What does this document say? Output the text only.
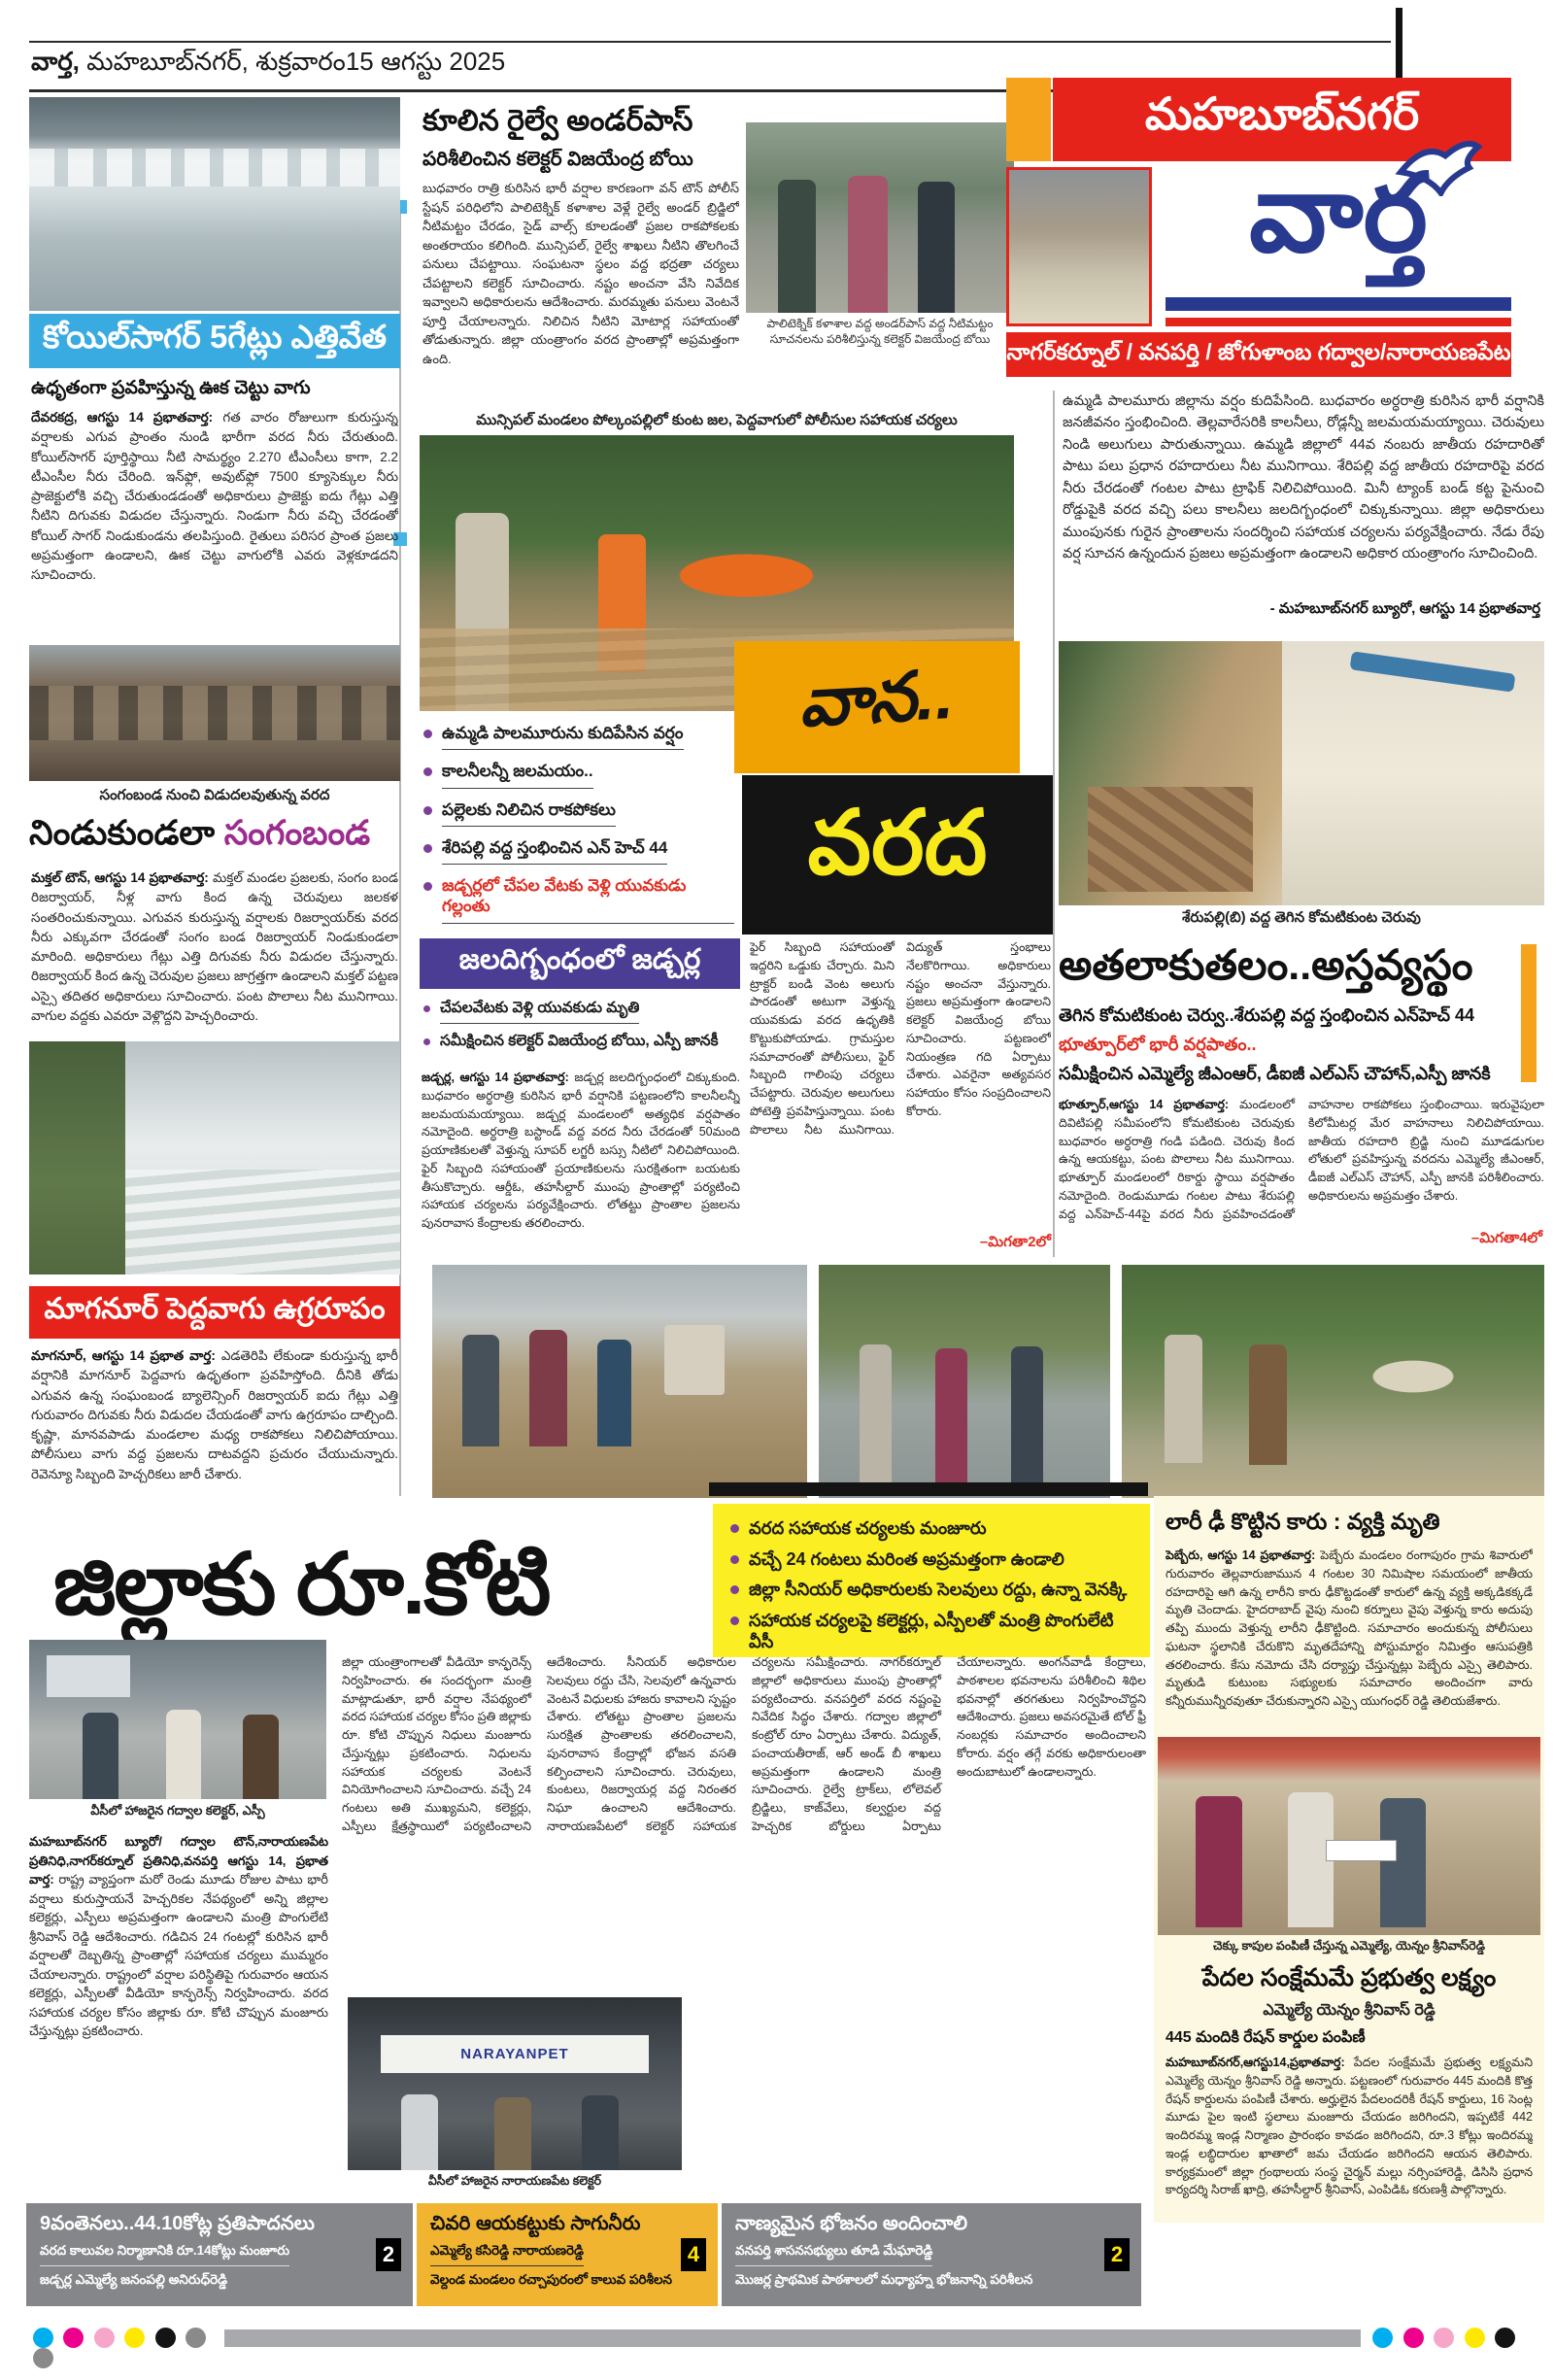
వార్త, మహబూబ్‌నగర్, శుక్రవారం15 ఆగస్టు 2025
కోయిల్‌సాగర్ 5గేట్లు ఎత్తివేత
ఉధృతంగా ప్రవహిస్తున్న ఊక చెట్టు వాగు
దేవరకద్ర, ఆగస్టు 14 ప్రభాతవార్త: గత వారం రోజులుగా కురుస్తున్న వర్షాలకు ఎగువ ప్రాంతం నుండి భారీగా వరద నీరు చేరుతుంది. కోయిల్‌సాగర్ పూర్తిస్థాయి నీటి సామర్థ్యం 2.270 టీఎంసీలు కాగా, 2.2 టీఎంసీల నీరు చేరింది. ఇన్‌ఫ్లో, అవుట్‌ఫ్లో 7500 క్యూసెక్కుల నీరు ప్రాజెక్టులోకి వచ్చి చేరుతుండడంతో అధికారులు ప్రాజెక్టు ఐదు గేట్లు ఎత్తి నీటిని దిగువకు విడుదల చేస్తున్నారు. నిండుగా నీరు వచ్చి చేరడంతో కోయిల్ సాగర్ నిండుకుండను తలపిస్తుంది. రైతులు పరిసర ప్రాంత ప్రజలు అప్రమత్తంగా ఉండాలని, ఊక చెట్టు వాగులోకి ఎవరు వెళ్లకూడదని సూచించారు.
సంగంబండ నుంచి విడుదలవుతున్న వరద
నిండుకుండలా సంగంబండ
మక్తల్ టౌన్, ఆగస్టు 14 ప్రభాతవార్త: మక్తల్ మండల ప్రజలకు, సంగం బండ రిజర్వాయర్, నీళ్ల వాగు కింద ఉన్న చెరువులు జలకళ సంతరించుకున్నాయి. ఎగువన కురుస్తున్న వర్షాలకు రిజర్వాయర్‌కు వరద నీరు ఎక్కువగా చేరడంతో సంగం బండ రిజర్వాయర్ నిండుకుండలా మారింది. అధికారులు గేట్లు ఎత్తి దిగువకు నీరు విడుదల చేస్తున్నారు. రిజర్వాయర్ కింద ఉన్న చెరువుల ప్రజలు జాగ్రత్తగా ఉండాలని మక్తల్ పట్టణ ఎస్సై తదితర అధికారులు సూచించారు. పంట పొలాలు నీట మునిగాయి. వాగుల వద్దకు ఎవరూ వెళ్లొద్దని హెచ్చరించారు.
మాగనూర్ పెద్దవాగు ఉగ్రరూపం
మాగనూర్, ఆగస్టు 14 ప్రభాత వార్త: ఎడతెరిపి లేకుండా కురుస్తున్న భారీ వర్షానికి మాగనూర్ పెద్దవాగు ఉధృతంగా ప్రవహిస్తోంది. దీనికి తోడు ఎగువన ఉన్న సంఘంబండ బ్యాలెన్సింగ్ రిజర్వాయర్ ఐదు గేట్లు ఎత్తి గురువారం దిగువకు నీరు విడుదల చేయడంతో వాగు ఉగ్రరూపం దాల్చింది. కృష్ణా, మానవపాడు మండలాల మధ్య రాకపోకలు నిలిచిపోయాయి. పోలీసులు వాగు వద్ద ప్రజలను దాటవద్దని ప్రచురం చేయుచున్నారు. రెవెన్యూ సిబ్బంది హెచ్చరికలు జారీ చేశారు.
కూలిన రైల్వే అండర్‌పాస్
పరిశీలించిన కలెక్టర్ విజయేంద్ర బోయి
బుధవారం రాత్రి కురిసిన భారీ వర్షాల కారణంగా వన్ టౌన్ పోలీస్ స్టేషన్ పరిధిలోని పాలిటెక్నిక్ కళాశాల వెళ్లే రైల్వే అండర్ బ్రిడ్జిలో నీటిమట్టం చేరడం, సైడ్ వాల్స్ కూలడంతో ప్రజల రాకపోకలకు అంతరాయం కలిగింది. మున్సిపల్, రైల్వే శాఖలు నీటిని తొలగించే పనులు చేపట్టాయి. సంఘటనా స్థలం వద్ద భద్రతా చర్యలు చేపట్టాలని కలెక్టర్ సూచించారు. నష్టం అంచనా వేసి నివేదిక ఇవ్వాలని అధికారులను ఆదేశించారు. మరమ్మతు పనులు వెంటనే పూర్తి చేయాలన్నారు. నిలిచిన నీటిని మోటార్ల సహాయంతో తోడుతున్నారు. జిల్లా యంత్రాంగం వరద ప్రాంతాల్లో అప్రమత్తంగా ఉంది.
పాలిటెక్నిక్ కళాశాల వద్ద అండర్‌పాస్ వద్ద నీటిమట్టం సూచనలను పరిశీలిస్తున్న కలెక్టర్ విజయేంద్ర బోయి
మున్సిపల్ మండలం పోల్కంపల్లిలో కుంట జల, పెద్దవాగులో పోలీసుల సహాయక చర్యలు
ఉమ్మడి పాలమూరును కుదిపేసిన వర్షం
కాలనీలన్నీ జలమయం..
పల్లెలకు నిలిచిన రాకపోకలు
శేరిపల్లి వద్ద స్తంభించిన ఎన్ హెచ్ 44
జడ్చర్లలో చేపల వేటకు వెళ్లి యువకుడు గల్లంతు
వాన..
వరద
జలదిగ్బంధంలో జడ్చర్ల
చేపలవేటకు వెళ్లి యువకుడు మృతి
సమీక్షించిన కలెక్టర్ విజయేంద్ర బోయి, ఎస్పీ జానకీ
జడ్చర్ల, ఆగస్టు 14 ప్రభాతవార్త: జడ్చర్ల జలదిగ్బంధంలో చిక్కుకుంది. బుధవారం అర్ధరాత్రి కురిసిన భారీ వర్షానికి పట్టణంలోని కాలనీలన్నీ జలమయమయ్యాయి. జడ్చర్ల మండలంలో అత్యధిక వర్షపాతం నమోదైంది. అర్ధరాత్రి బస్టాండ్ వద్ద వరద నీరు చేరడంతో 50మంది ప్రయాణికులతో వెళ్తున్న సూపర్ లగ్జరీ బస్సు నీటిలో నిలిచిపోయింది. ఫైర్ సిబ్బంది సహాయంతో ప్రయాణికులను సురక్షితంగా బయటకు తీసుకొచ్చారు. ఆర్డీఓ, తహసీల్దార్ ముంపు ప్రాంతాల్లో పర్యటించి సహాయక చర్యలను పర్యవేక్షించారు. లోతట్టు ప్రాంతాల ప్రజలను పునరావాస కేంద్రాలకు తరలించారు.
ఫైర్ సిబ్బంది సహాయంతో ఇద్దరిని ఒడ్డుకు చేర్చారు. మిని ట్రాక్టర్ బండి వెంట అలుగు పారడంతో అటుగా వెళ్తున్న యువకుడు వరద ఉధృతికి కొట్టుకుపోయాడు. గ్రామస్తుల సమాచారంతో పోలీసులు, ఫైర్ సిబ్బంది గాలింపు చర్యలు చేపట్టారు. చెరువుల అలుగులు పోటెత్తి ప్రవహిస్తున్నాయి. పంట పొలాలు నీట మునిగాయి. విద్యుత్ స్తంభాలు నేలకొరిగాయి. అధికారులు నష్టం అంచనా వేస్తున్నారు. ప్రజలు అప్రమత్తంగా ఉండాలని కలెక్టర్ విజయేంద్ర బోయి సూచించారు. పట్టణంలో నియంత్రణ గది ఏర్పాటు చేశారు. ఎవరైనా అత్యవసర సహాయం కోసం సంప్రదించాలని కోరారు.
–మిగతా2లో
మహబూబ్‌నగర్
వార్త
నాగర్‌కర్నూల్ / వనపర్తి / జోగుళాంబ గద్వాల/నారాయణపేట
ఉమ్మడి పాలమూరు జిల్లాను వర్షం కుదిపేసింది. బుధవారం అర్ధరాత్రి కురిసిన భారీ వర్షానికి జనజీవనం స్తంభించింది. తెల్లవారేసరికి కాలనీలు, రోడ్లన్నీ జలమయమయ్యాయి. చెరువులు నిండి అలుగులు పారుతున్నాయి. ఉమ్మడి జిల్లాలో 44వ నంబరు జాతీయ రహదారితో పాటు పలు ప్రధాన రహదారులు నీట మునిగాయి. శేరిపల్లి వద్ద జాతీయ రహదారిపై వరద నీరు చేరడంతో గంటల పాటు ట్రాఫిక్ నిలిచిపోయింది. మినీ ట్యాంక్ బండ్ కట్ట పైనుంచి రోడ్డుపైకి వరద వచ్చి పలు కాలనీలు జలదిగ్బంధంలో చిక్కుకున్నాయి. జిల్లా అధికారులు ముంపునకు గురైన ప్రాంతాలను సందర్శించి సహాయక చర్యలను పర్యవేక్షించారు. నేడు రేపు వర్ష సూచన ఉన్నందున ప్రజలు అప్రమత్తంగా ఉండాలని అధికార యంత్రాంగం సూచించింది.
- మహబూబ్‌నగర్ బ్యూరో, ఆగస్టు 14 ప్రభాతవార్త
శేరుపల్లి(బి) వద్ద తెగిన కోమటికుంట చెరువు
అతలాకుతలం..అస్తవ్యస్థం
తెగిన కోమటికుంట చెర్వు..శేరుపల్లి వద్ద స్తంభించిన ఎన్‌హెచ్ 44
భూత్పూర్‌లో భారీ వర్షపాతం..
సమీక్షించిన ఎమ్మెల్యే జీఎంఆర్, డీఐజీ ఎల్‌ఎస్ చౌహాన్,ఎస్పీ జానకి
భూత్పూర్,ఆగస్టు 14 ప్రభాతవార్త: మండలంలో దివిటిపల్లి సమీపంలోని కోమటికుంట చెరువుకు బుధవారం అర్ధరాత్రి గండి పడింది. చెరువు కింద ఉన్న ఆయకట్టు, పంట పొలాలు నీట మునిగాయి. భూత్పూర్ మండలంలో రికార్డు స్థాయి వర్షపాతం నమోదైంది. రెండుమూడు గంటల పాటు శేరుపల్లి వద్ద ఎన్‌హెచ్-44పై వరద నీరు ప్రవహించడంతో వాహనాల రాకపోకలు స్తంభించాయి. ఇరువైపులా కిలోమీటర్ల మేర వాహనాలు నిలిచిపోయాయి. జాతీయ రహదారి బ్రిడ్జి నుంచి మూడడుగుల లోతులో ప్రవహిస్తున్న వరదను ఎమ్మెల్యే జీఎంఆర్, డీఐజీ ఎల్‌ఎస్ చౌహాన్, ఎస్పీ జానకి పరిశీలించారు. అధికారులను అప్రమత్తం చేశారు.
–మిగతా4లో
జిల్లాకు రూ.కోటి
వరద సహాయక చర్యలకు మంజూరు
వచ్చే 24 గంటలు మరింత అప్రమత్తంగా ఉండాలి
జిల్లా సీనియర్ అధికారులకు సెలవులు రద్దు, ఉన్నా వెనక్కి
సహాయక చర్యలపై కలెక్టర్లు, ఎస్పీలతో మంత్రి పొంగులేటి వీసీ
లారీ ఢీ కొట్టిన కారు : వ్యక్తి మృతి
పెబ్బేరు, ఆగస్టు 14 ప్రభాతవార్త: పెబ్బేరు మండలం రంగాపురం గ్రామ శివారులో గురువారం తెల్లవారుజామున 4 గంటల 30 నిమిషాల సమయంలో జాతీయ రహదారిపై ఆగి ఉన్న లారీని కారు ఢీకొట్టడంతో కారులో ఉన్న వ్యక్తి అక్కడికక్కడే మృతి చెందాడు. హైదరాబాద్ వైపు నుంచి కర్నూలు వైపు వెళ్తున్న కారు అదుపు తప్పి ముందు వెళ్తున్న లారీని ఢీకొట్టింది. సమాచారం అందుకున్న పోలీసులు ఘటనా స్థలానికి చేరుకొని మృతదేహాన్ని పోస్టుమార్టం నిమిత్తం ఆసుపత్రికి తరలించారు. కేసు నమోదు చేసి దర్యాప్తు చేస్తున్నట్లు పెబ్బేరు ఎస్సై తెలిపారు. మృతుడి కుటుంబ సభ్యులకు సమాచారం అందించగా వారు కన్నీరుమున్నీరవుతూ చేరుకున్నారని ఎస్సై యుగంధర్ రెడ్డి తెలియజేశారు.
చెక్కు కాపుల పంపిణీ చేస్తున్న ఎమ్మెల్యే, యెన్నం శ్రీనివాస్‌రెడ్డి
పేదల సంక్షేమమే ప్రభుత్వ లక్ష్యం
ఎమ్మెల్యే యెన్నం శ్రీనివాస్ రెడ్డి
445 మందికి రేషన్ కార్డుల పంపిణీ
మహబూబ్‌నగర్,ఆగస్టు14,ప్రభాతవార్త: పేదల సంక్షేమమే ప్రభుత్వ లక్ష్యమని ఎమ్మెల్యే యెన్నం శ్రీనివాస్ రెడ్డి అన్నారు. పట్టణంలో గురువారం 445 మందికి కొత్త రేషన్ కార్డులను పంపిణీ చేశారు. అర్హులైన పేదలందరికీ రేషన్ కార్డులు, 16 సెంట్ల మూడు పైల ఇంటి స్థలాలు మంజూరు చేయడం జరిగిందని, ఇప్పటికే 442 ఇందిరమ్మ ఇండ్ల నిర్మాణం ప్రారంభం కావడం జరిగిందని, రూ.3 కోట్లు ఇందిరమ్మ ఇండ్ల లబ్ధిదారుల ఖాతాలో జమ చేయడం జరిగిందని ఆయన తెలిపారు. కార్యక్రమంలో జిల్లా గ్రంథాలయ సంస్థ చైర్మన్ మల్లు నర్సింహారెడ్డి, డిసిసి ప్రధాన కార్యదర్శి సిరాజ్ ఖాద్రి, తహసీల్దార్ శ్రీనివాస్, ఎంపిడిఓ కరుణశ్రీ పాల్గొన్నారు.
వీసీలో హాజరైన గద్వాల కలెక్టర్, ఎస్పీ
మహబూబ్‌నగర్ బ్యూరో/ గద్వాల టౌన్,నారాయణపేట ప్రతినిధి,నాగర్‌కర్నూల్ ప్రతినిధి,వనపర్తి ఆగస్టు 14, ప్రభాత వార్త: రాష్ట్ర వ్యాప్తంగా మరో రెండు మూడు రోజుల పాటు భారీ వర్షాలు కురుస్తాయనే హెచ్చరికల నేపథ్యంలో అన్ని జిల్లాల కలెక్టర్లు, ఎస్పీలు అప్రమత్తంగా ఉండాలని మంత్రి పొంగులేటి శ్రీనివాస్ రెడ్డి ఆదేశించారు. గడిచిన 24 గంటల్లో కురిసిన భారీ వర్షాలతో దెబ్బతిన్న ప్రాంతాల్లో సహాయక చర్యలు ముమ్మరం చేయాలన్నారు. రాష్ట్రంలో వర్షాల పరిస్థితిపై గురువారం ఆయన కలెక్టర్లు, ఎస్పీలతో వీడియో కాన్ఫరెన్స్ నిర్వహించారు. వరద సహాయక చర్యల కోసం జిల్లాకు రూ. కోటి చొప్పున మంజూరు చేస్తున్నట్లు ప్రకటించారు.
జిల్లా యంత్రాంగాలతో వీడియో కాన్ఫరెన్స్ నిర్వహించారు. ఈ సందర్భంగా మంత్రి మాట్లాడుతూ, భారీ వర్షాల నేపథ్యంలో వరద సహాయక చర్యల కోసం ప్రతి జిల్లాకు రూ. కోటి చొప్పున నిధులు మంజూరు చేస్తున్నట్లు ప్రకటించారు. నిధులను సహాయక చర్యలకు వెంటనే వినియోగించాలని సూచించారు. వచ్చే 24 గంటలు అతి ముఖ్యమని, కలెక్టర్లు, ఎస్పీలు క్షేత్రస్థాయిలో పర్యటించాలని ఆదేశించారు. సీనియర్ అధికారుల సెలవులు రద్దు చేసి, సెలవులో ఉన్నవారు వెంటనే విధులకు హాజరు కావాలని స్పష్టం చేశారు. లోతట్టు ప్రాంతాల ప్రజలను సురక్షిత ప్రాంతాలకు తరలించాలని, పునరావాస కేంద్రాల్లో భోజన వసతి కల్పించాలని సూచించారు. చెరువులు, కుంటలు, రిజర్వాయర్ల వద్ద నిరంతర నిఘా ఉంచాలని ఆదేశించారు. నారాయణపేటలో కలెక్టర్ సహాయక చర్యలను సమీక్షించారు. నాగర్‌కర్నూల్ జిల్లాలో అధికారులు ముంపు ప్రాంతాల్లో పర్యటించారు. వనపర్తిలో వరద నష్టంపై నివేదిక సిద్ధం చేశారు. గద్వాల జిల్లాలో కంట్రోల్ రూం ఏర్పాటు చేశారు. విద్యుత్, పంచాయతీరాజ్, ఆర్ అండ్ బీ శాఖలు అప్రమత్తంగా ఉండాలని మంత్రి సూచించారు. రైల్వే ట్రాక్‌లు, లోలెవల్ బ్రిడ్జిలు, కాజ్‌వేలు, కల్వర్టుల వద్ద హెచ్చరిక బోర్డులు ఏర్పాటు చేయాలన్నారు. అంగన్‌వాడీ కేంద్రాలు, పాఠశాలల భవనాలను పరిశీలించి శిథిల భవనాల్లో తరగతులు నిర్వహించొద్దని ఆదేశించారు. ప్రజలు అవసరమైతే టోల్ ఫ్రీ నంబర్లకు సమాచారం అందించాలని కోరారు. వర్షం తగ్గే వరకు అధికారులంతా అందుబాటులో ఉండాలన్నారు.
NARAYANPET
వీసీలో హాజరైన నారాయణపేట కలెక్టర్
9వంతెనలు..44.10కోట్ల ప్రతిపాదనలు
వరద కాలువల నిర్మాణానికి రూ.14కోట్లు మంజూరు

జడ్చర్ల ఎమ్మెల్యే జనంపల్లి అనిరుధ్‌రెడ్డి
2
చివరి ఆయకట్టుకు సాగునీరు
ఎమ్మెల్యే కసిరెడ్డి నారాయణరెడ్డి

వెల్దండ మండలం రచ్చాపురంలో కాలువ పరిశీలన
4
నాణ్యమైన భోజనం అందించాలి
వనపర్తి శాసనసభ్యులు తూడి మేఘారెడ్డి

మొజర్ల ప్రాథమిక పాఠశాలలో మధ్యాహ్న భోజనాన్ని పరిశీలన
2
